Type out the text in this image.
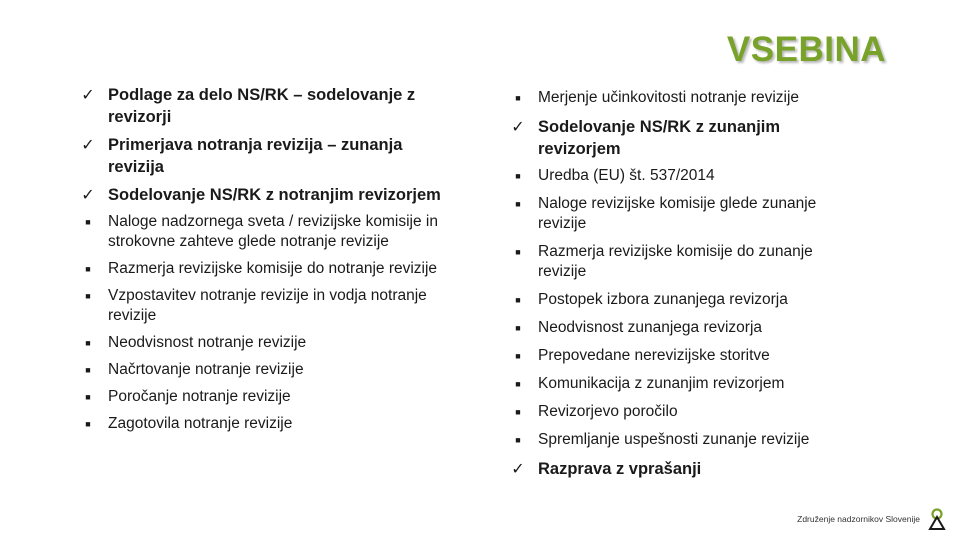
VSEBINA
✓ Podlage za delo NS/RK – sodelovanje z revizorji
✓ Primerjava notranja revizija – zunanja revizija
✓ Sodelovanje NS/RK z notranjim revizorjem
■	Naloge nadzornega sveta / revizijske komisije in strokovne zahteve glede notranje revizije
■	Razmerja revizijske komisije do notranje revizije
■	Vzpostavitev notranje revizije in vodja notranje revizije
■	Neodvisnost notranje revizije
■	Načrtovanje notranje revizije
■	Poročanje notranje revizije
■	Zagotovila notranje revizije
■	Merjenje učinkovitosti notranje revizije
✓ Sodelovanje NS/RK z zunanjim revizorjem
■	Uredba (EU) št. 537/2014
■	Naloge revizijske komisije glede zunanje revizije
■	Razmerja revizijske komisije do zunanje revizije
■	Postopek izbora zunanjega revizorja
■	Neodvisnost zunanjega revizorja
■	Prepovedane nerevizijske storitve
■	Komunikacija z zunanjim revizorjem
■	Revizorjevo poročilo
■	Spremljanje uspešnosti zunanje revizije
✓ Razprava z vprašanji
Združenje nadzornikov Slovenije
